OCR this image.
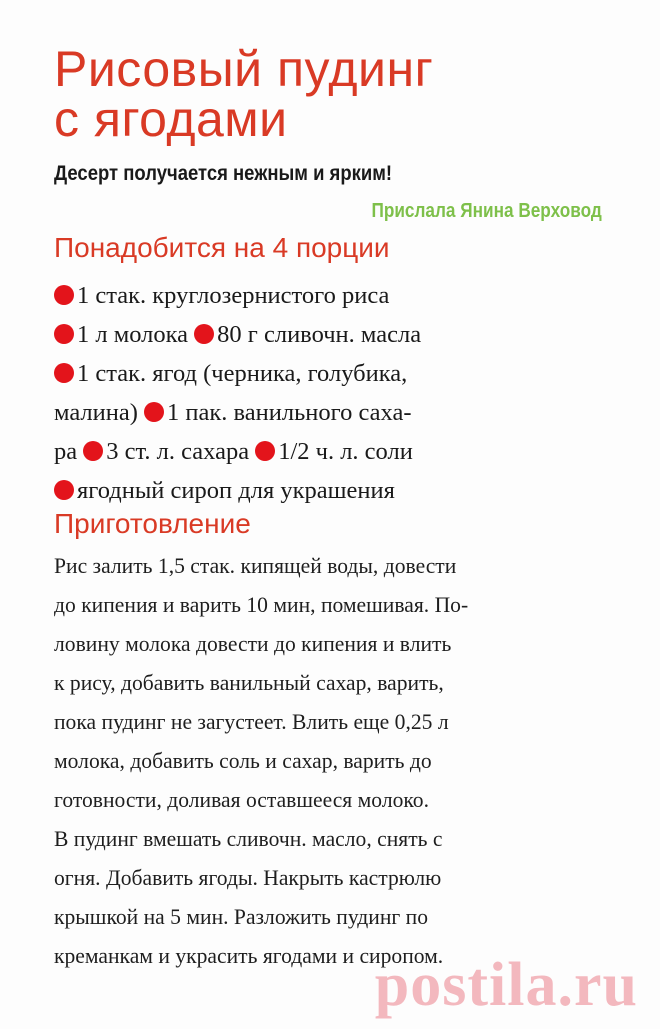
Рисовый пудинг
с ягодами
Десерт получается нежным и ярким!
Прислала Янина Верховод
Понадобится на 4 порции
1 стак. круглозернистого риса
1 л молока 80 г сливочн. масла
1 стак. ягод (черника, голубика,
малина) 1 пак. ванильного саха-
ра 3 ст. л. сахара 1/2 ч. л. соли
ягодный сироп для украшения
Приготовление
Рис залить 1,5 стак. кипящей воды, довести
до кипения и варить 10 мин, помешивая. По-
ловину молока довести до кипения и влить
к рису, добавить ванильный сахар, варить,
пока пудинг не загустеет. Влить еще 0,25 л
молока, добавить соль и сахар, варить до
готовности, доливая оставшееся молоко.
В пудинг вмешать сливочн. масло, снять с
огня. Добавить ягоды. Накрыть кастрюлю
крышкой на 5 мин. Разложить пудинг по
креманкам и украсить ягодами и сиропом.
postila.ru
